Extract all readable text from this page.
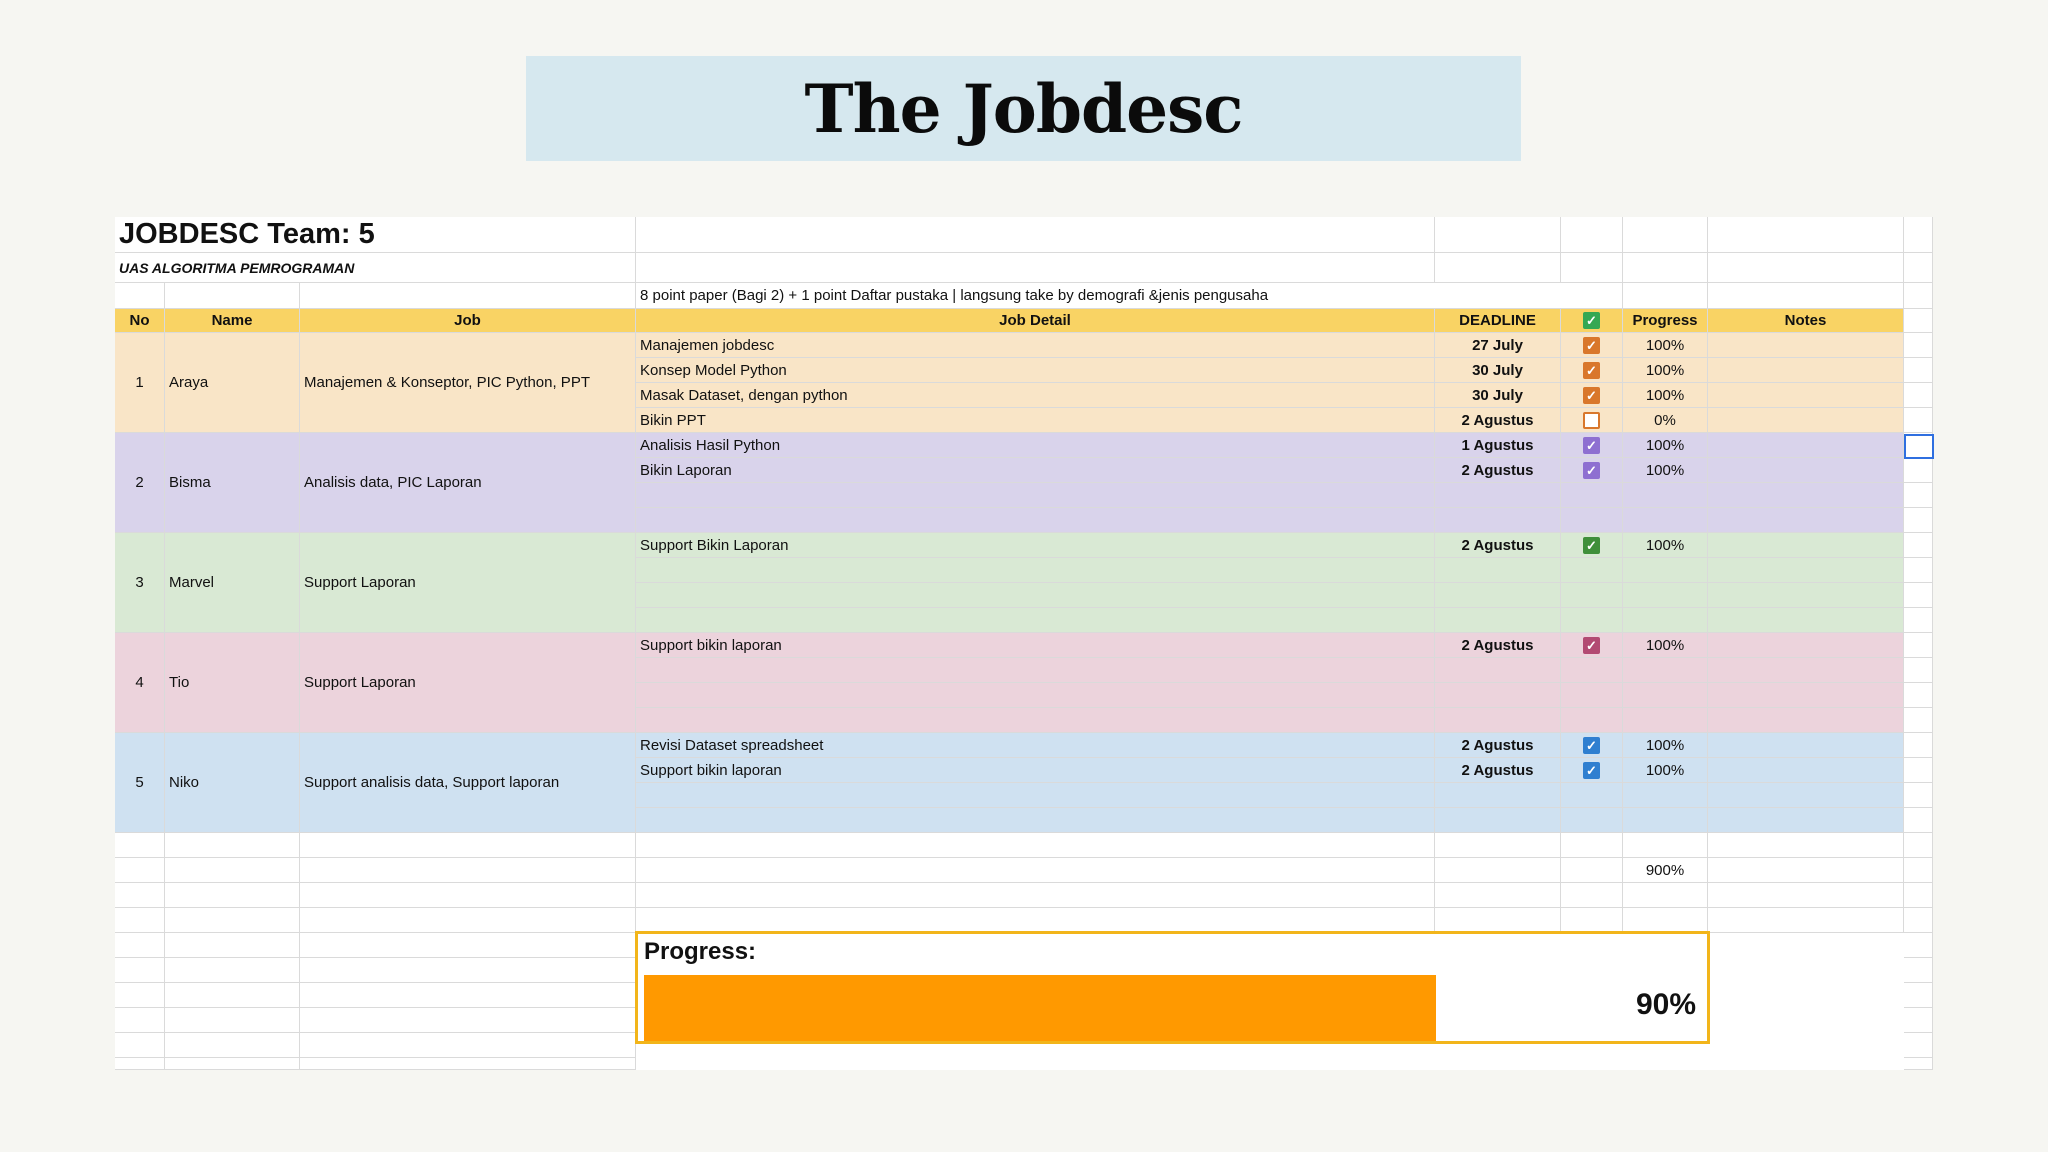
The Jobdesc
JOBDESC Team: 5
UAS ALGORITMA PEMROGRAMAN
8 point paper (Bagi 2) + 1 point Daftar pustaka | langsung take by demografi &jenis pengusaha
No	Name	Job	Job Detail	DEADLINE	✓ Progress	Notes
1 Araya	Manajemen & Konseptor, PIC Python, PPT
Manajemen jobdesc	27 July	✓	100%
Konsep Model Python	30 July	✓	100%
Masak Dataset, dengan python	30 July	✓	100%
Bikin PPT	2 Agustus	0%
2 Bisma	Analisis data, PIC Laporan
Analisis Hasil Python	1 Agustus	✓	100%
Bikin Laporan	2 Agustus	✓	100%
3 Marvel	Support Laporan
Support Bikin Laporan	2 Agustus	✓	100%
4 Tio	Support Laporan
Support bikin laporan	2 Agustus	✓	100%
5 Niko	Support analisis data, Support laporan
Revisi Dataset spreadsheet	2 Agustus	✓	100%
Support bikin laporan	2 Agustus	✓	100%
900%
Progress:
90%
